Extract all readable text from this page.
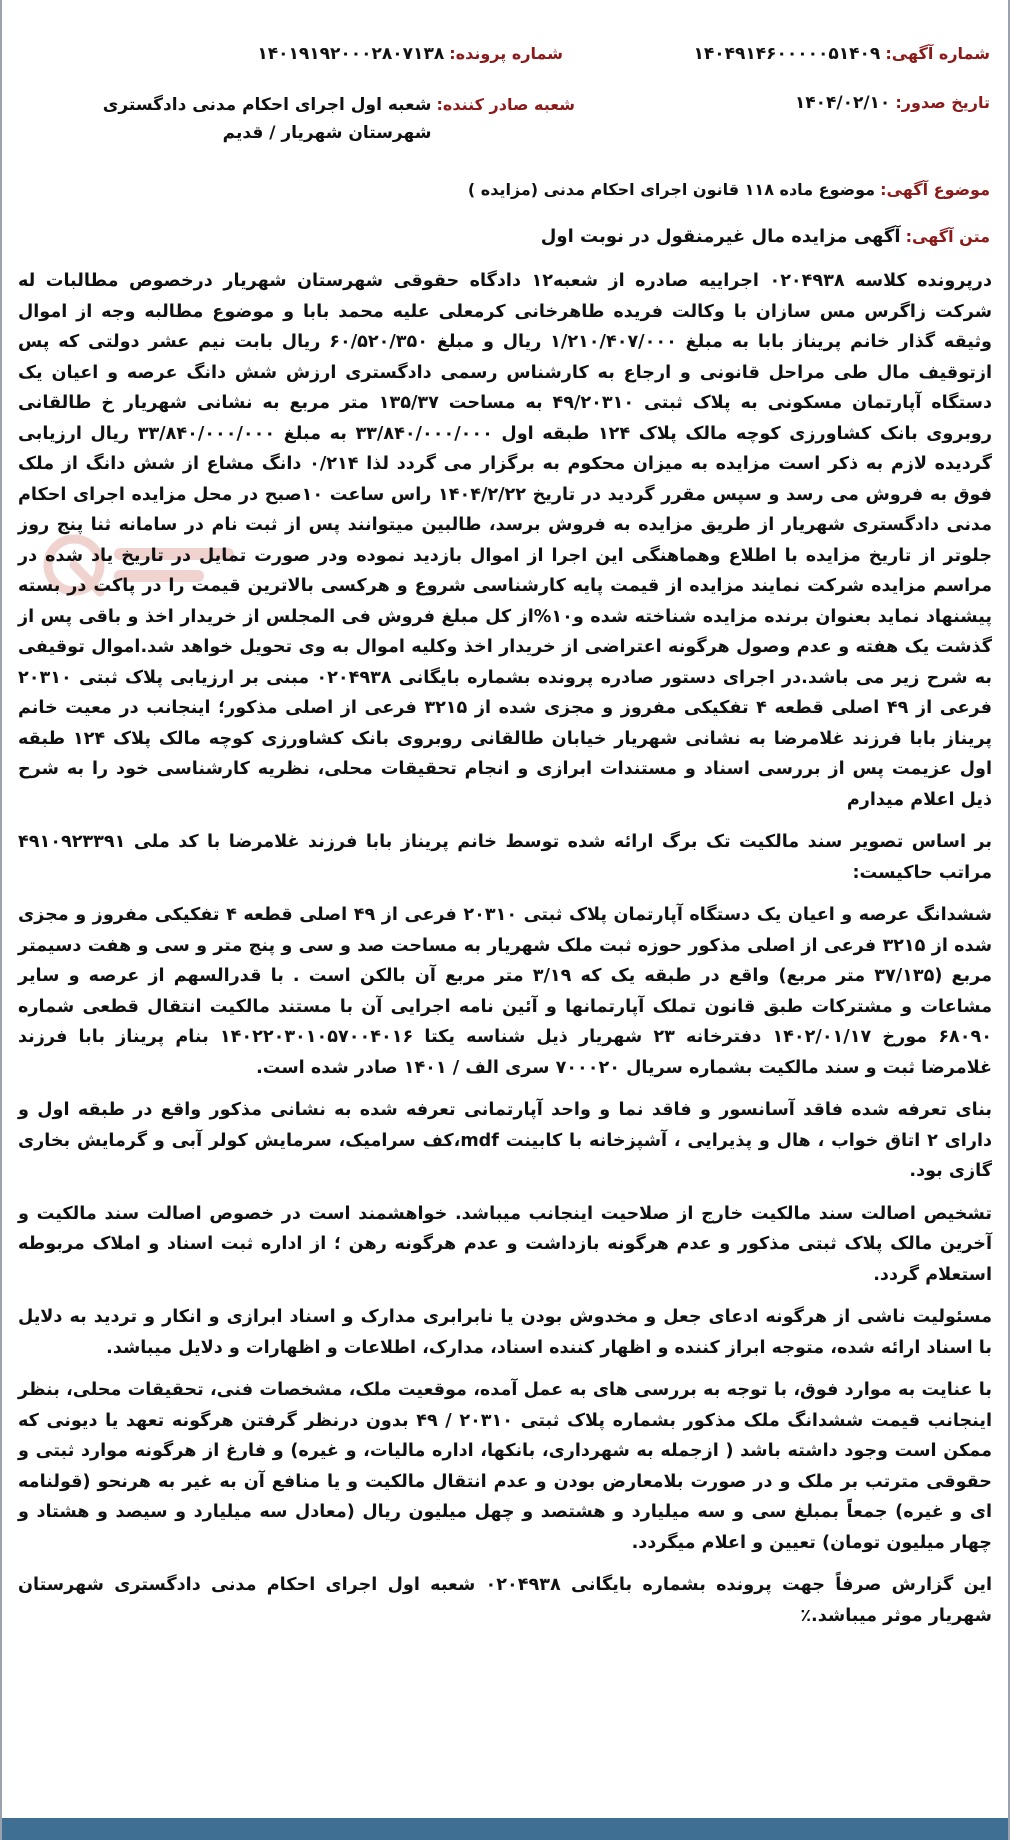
شماره آگهی: ۱۴۰۴۹۱۴۶۰۰۰۰۰۵۱۴۰۹
شماره پرونده: ۱۴۰۱۹۱۹۲۰۰۰۲۸۰۷۱۳۸
تاریخ صدور: ۱۴۰۴/۰۲/۱۰
شعبه صادر کننده: شعبه اول اجرای احکام مدنی دادگستری شهرستان شهریار / قدیم
موضوع آگهی: موضوع ماده ۱۱۸ قانون اجرای احکام مدنی (مزایده )
متن آگهی: آگهی مزایده مال غیرمنقول در نوبت اول

درپرونده کلاسه ۰۲۰۴۹۳۸ اجراییه صادره از شعبه۱۲ دادگاه حقوقی شهرستان شهریار درخصوص مطالبات له شرکت زاگرس مس سازان با وکالت فریده طاهرخانی کرمعلی علیه محمد بابا و موضوع مطالبه وجه از اموال وثیقه گذار خانم پریناز بابا به مبلغ ۱/۲۱۰/۴۰۷/۰۰۰ ریال و مبلغ ۶۰/۵۲۰/۳۵۰ ریال بابت نیم عشر دولتی که پس ازتوقیف مال طی مراحل قانونی و ارجاع به کارشناس رسمی دادگستری ارزش شش دانگ عرصه و اعیان یک دستگاه آپارتمان مسکونی به پلاک ثبتی ۴۹/۲۰۳۱۰ به مساحت ۱۳۵/۳۷ متر مربع به نشانی شهریار خ طالقانی روبروی بانک کشاورزی کوچه مالک پلاک ۱۲۴ طبقه اول ۳۳/۸۴۰/۰۰۰/۰۰۰ به مبلغ ۳۳/۸۴۰/۰۰۰/۰۰۰ ریال ارزیابی گردیده لازم به ذکر است مزایده به میزان محکوم به برگزار می گردد لذا ۰/۲۱۴ دانگ مشاع از شش دانگ از ملک فوق به فروش می رسد و سپس مقرر گردید در تاریخ ۱۴۰۴/۲/۲۲ راس ساعت ۱۰صبح در محل مزایده اجرای احکام مدنی دادگستری شهریار از طریق مزایده به فروش برسد، طالبین میتوانند پس از ثبت نام در سامانه ثنا پنج روز جلوتر از تاریخ مزایده با اطلاع وهماهنگی این اجرا از اموال بازدید نموده ودر صورت تمایل در تاریخ یاد شده در مراسم مزایده شرکت نمایند مزایده از قیمت پایه کارشناسی شروع و هرکسی بالاترین قیمت را در پاکت در بسته پیشنهاد نماید بعنوان برنده مزایده شناخته شده و۱۰%از کل مبلغ فروش فی المجلس از خریدار اخذ و باقی پس از گذشت یک هفته و عدم وصول هرگونه اعتراضی از خریدار اخذ وکلیه اموال به وی تحویل خواهد شد.اموال توقیفی به شرح زیر می باشد.در اجرای دستور صادره پرونده بشماره بایگانی ۰۲۰۴۹۳۸ مبنی بر ارزیابی پلاک ثبتی ۲۰۳۱۰ فرعی از ۴۹ اصلی قطعه ۴ تفکیکی مفروز و مجزی شده از ۳۲۱۵ فرعی از اصلی مذکور؛ اینجانب در معیت خانم پریناز بابا فرزند غلامرضا به نشانی شهریار خیابان طالقانی روبروی بانک کشاورزی کوچه مالک پلاک ۱۲۴ طبقه اول عزیمت پس از بررسی اسناد و مستندات ابرازی و انجام تحقیقات محلی، نظریه کارشناسی خود را به شرح ذیل اعلام میدارم

بر اساس تصویر سند مالکیت تک برگ ارائه شده توسط خانم پریناز بابا فرزند غلامرضا با کد ملی ۴۹۱۰۹۲۳۳۹۱ مراتب حاکیست:

ششدانگ عرصه و اعیان یک دستگاه آپارتمان پلاک ثبتی ۲۰۳۱۰ فرعی از ۴۹ اصلی قطعه ۴ تفکیکی مفروز و مجزی شده از ۳۲۱۵ فرعی از اصلی مذکور حوزه ثبت ملک شهریار به مساحت صد و سی و پنج متر و سی و هفت دسیمتر مربع (۳۷/۱۳۵ متر مربع) واقع در طبقه یک که ۳/۱۹ متر مربع آن بالکن است . با قدرالسهم از عرصه و سایر مشاعات و مشترکات طبق قانون تملک آپارتمانها و آئین نامه اجرایی آن با مستند مالکیت انتقال قطعی شماره ۶۸۰۹۰ مورخ ۱۴۰۲/۰۱/۱۷ دفترخانه ۲۳ شهریار ذیل شناسه یکتا ۱۴۰۲۲۰۳۰۱۰۵۷۰۰۴۰۱۶ بنام پریناز بابا فرزند غلامرضا ثبت و سند مالکیت بشماره سریال ۷۰۰۰۲۰ سری الف / ۱۴۰۱ صادر شده است.

بنای تعرفه شده فاقد آسانسور و فاقد نما و واحد آپارتمانی تعرفه شده به نشانی مذکور واقع در طبقه اول و دارای ۲ اتاق خواب ، هال و پذیرایی ، آشپزخانه با کابینت mdf،کف سرامیک، سرمایش کولر آبی و گرمایش بخاری گازی بود.

تشخیص اصالت سند مالکیت خارج از صلاحیت اینجانب میباشد. خواهشمند است در خصوص اصالت سند مالکیت و آخرین مالک پلاک ثبتی مذکور و عدم هرگونه بازداشت و عدم هرگونه رهن ؛ از اداره ثبت اسناد و املاک مربوطه استعلام گردد.

مسئولیت ناشی از هرگونه ادعای جعل و مخدوش بودن یا نابرابری مدارک و اسناد ابرازی و انکار و تردید به دلایل با اسناد ارائه شده، متوجه ابراز کننده و اظهار کننده اسناد، مدارک، اطلاعات و اظهارات و دلایل میباشد.

با عنایت به موارد فوق، با توجه به بررسی های به عمل آمده، موقعیت ملک، مشخصات فنی، تحقیقات محلی، بنظر اینجانب قیمت ششدانگ ملک مذکور بشماره پلاک ثبتی ۲۰۳۱۰ / ۴۹ بدون درنظر گرفتن هرگونه تعهد یا دیونی که ممکن است وجود داشته باشد ( ازجمله به شهرداری، بانکها، اداره مالیات، و غیره) و فارغ از هرگونه موارد ثبتی و حقوقی مترتب بر ملک و در صورت بلامعارض بودن و عدم انتقال مالکیت و یا منافع آن به غیر به هرنحو (قولنامه ای و غیره) جمعاً بمبلغ سی و سه میلیارد و هشتصد و چهل میلیون ریال (معادل سه میلیارد و سیصد و هشتاد و چهار میلیون تومان) تعیین و اعلام میگردد.

این گزارش صرفاً جهت پرونده بشماره بایگانی ۰۲۰۴۹۳۸ شعبه اول اجرای احکام مدنی دادگستری شهرستان شهریار موثر میباشد.٪
